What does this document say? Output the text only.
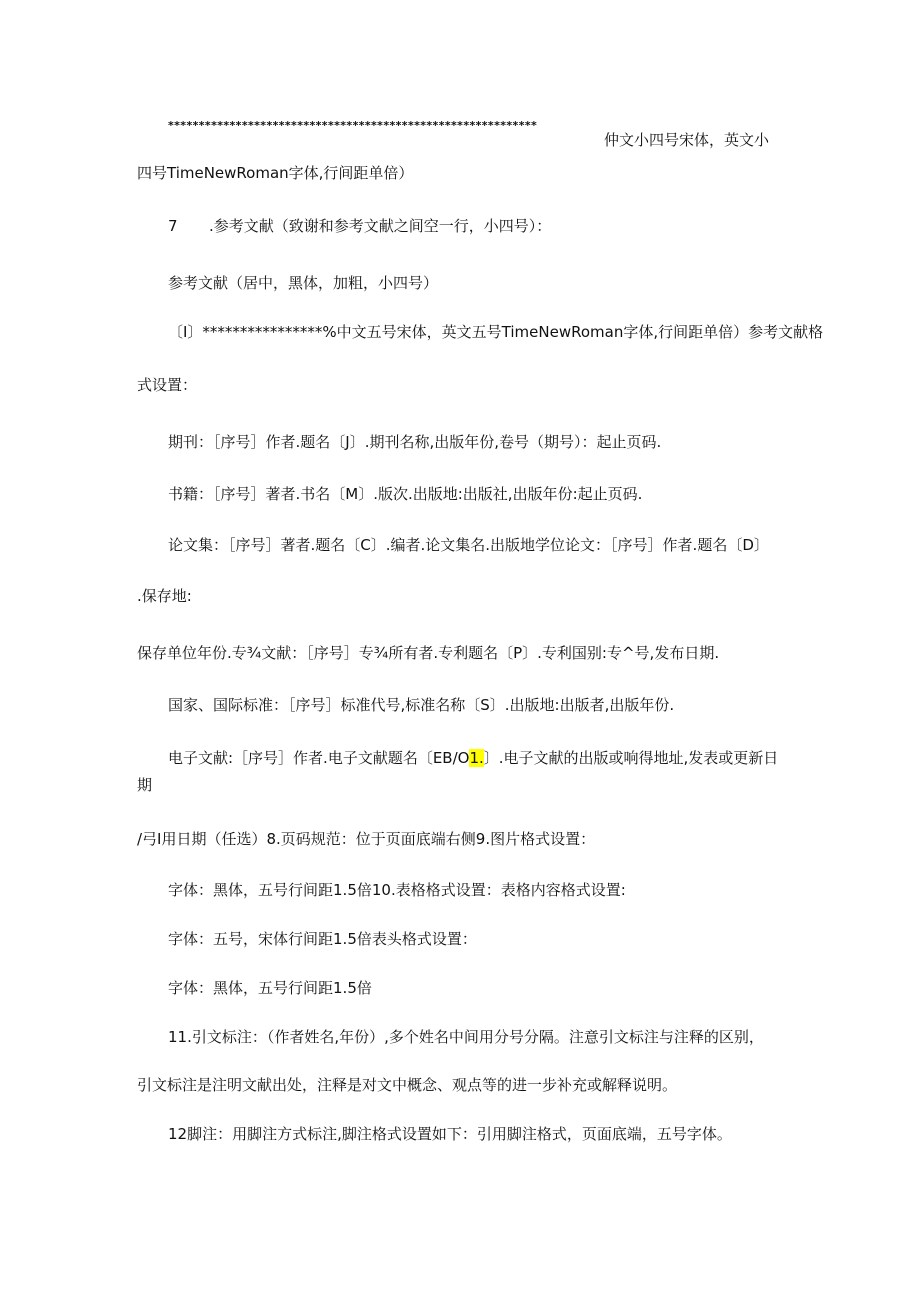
************************************************************
仲文小四号宋体，英文小
四号TimeNewRoman字体,行间距单倍）
7 .参考文献（致谢和参考文献之间空一行，小四号）：
参考文献（居中，黑体，加粗，小四号）
〔I〕****************%中文五号宋体，英文五号TimeNewRoman字体,行间距单倍）参考文献格
式设置：
期刊：［序号］作者.题名〔J〕.期刊名称,出版年份,卷号（期号）：起止页码.
书籍：［序号］著者.书名〔M〕.版次.出版地:出版社,出版年份:起止页码.
论文集：［序号］著者.题名〔C〕.编者.论文集名.出版地学位论文：［序号］作者.题名〔D〕
.保存地:
保存单位年份.专¾文献：［序号］专¾所有者.专利题名〔P〕.专利国别:专^号,发布日期.
国家、国际标准：［序号］标准代号,标准名称〔S〕.出版地:出版者,出版年份.
电子文献:［序号］作者.电子文献题名〔EB/O1.〕.电子文献的出版或响得地址,发表或更新日
期
/弓I用日期（任选）8.页码规范：位于页面底端右侧9.图片格式设置：
字体：黑体，五号行间距1.5倍10.表格格式设置：表格内容格式设置:
字体：五号，宋体行间距1.5倍表头格式设置：
字体：黑体，五号行间距1.5倍
11.引文标注：（作者姓名,年份）,多个姓名中间用分号分隔。注意引文标注与注释的区别，
引文标注是注明文献出处，注释是对文中概念、观点等的进一步补充或解释说明。
12脚注：用脚注方式标注,脚注格式设置如下：引用脚注格式，页面底端，五号字体。
